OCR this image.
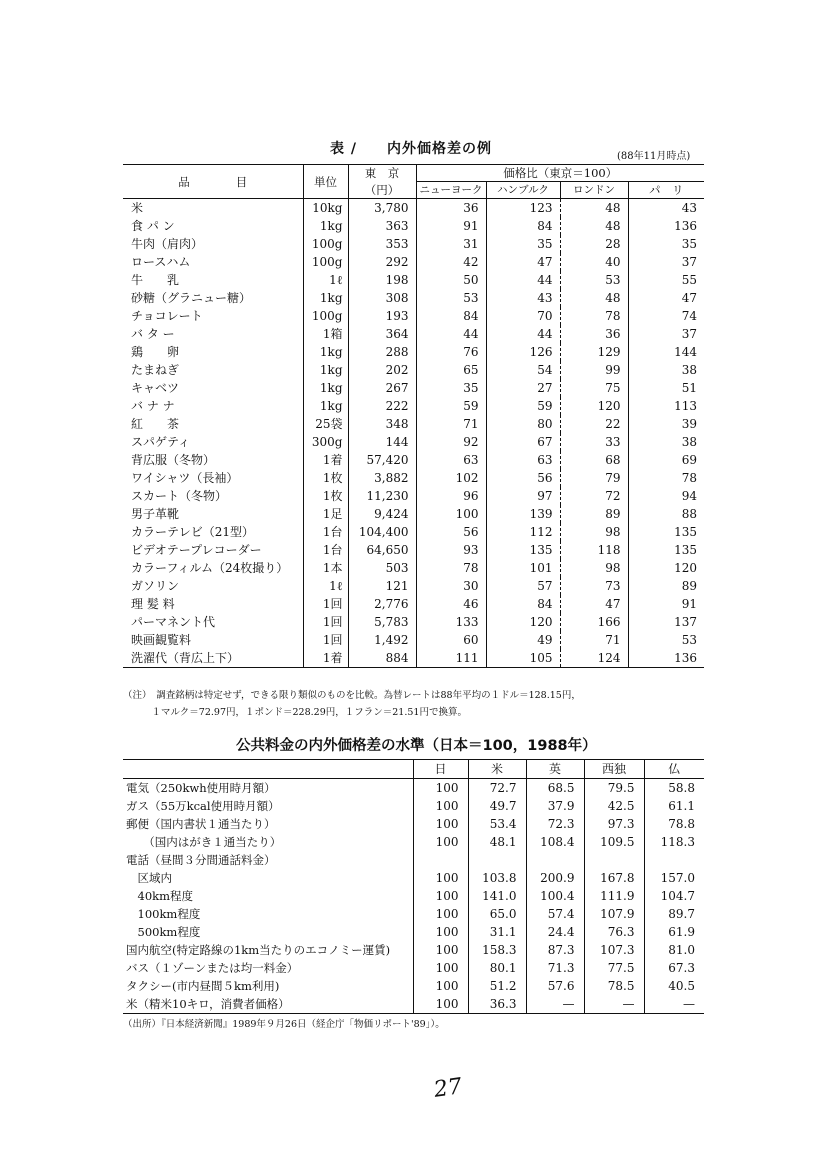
表 /　　内外価格差の例	(88年11月時点)
品　　　　目	単位	東　京	価格比（東京＝100）			
		（円）	ニューヨーク	ハンブルク	ロンドン	パ　リ
米	10kg	3,780	36	123	48	43
食 パ ン	1kg	363	91	84	48	136
牛肉（肩肉）	100g	353	31	35	28	35
ロースハム	100g	292	42	47	40	37
牛　　乳	1ℓ	198	50	44	53	55
砂糖（グラニュー糖）	1kg	308	53	43	48	47
チョコレート	100g	193	84	70	78	74
バ タ ー	1箱	364	44	44	36	37
鶏　　卵	1kg	288	76	126	129	144
たまねぎ	1kg	202	65	54	99	38
キャベツ	1kg	267	35	27	75	51
バ ナ ナ	1kg	222	59	59	120	113
紅　　茶	25袋	348	71	80	22	39
スパゲティ	300g	144	92	67	33	38
背広服（冬物）	1着	57,420	63	63	68	69
ワイシャツ（長袖）	1枚	3,882	102	56	79	78
スカート（冬物）	1枚	11,230	96	97	72	94
男子革靴	1足	9,424	100	139	89	88
カラーテレビ（21型）	1台	104,400	56	112	98	135
ビデオテープレコーダー	1台	64,650	93	135	118	135
カラーフィルム（24枚撮り）	1本	503	78	101	98	120
ガソリン	1ℓ	121	30	57	73	89
理 髪 料	1回	2,776	46	84	47	91
パーマネント代	1回	5,783	133	120	166	137
映画観覧料	1回	1,492	60	49	71	53
洗濯代（背広上下）	1着	884	111	105	124	136
（注）　調査銘柄は特定せず，できる限り類似のものを比較。為替レートは88年平均の１ドル＝128.15円，
　　　１マルク＝72.97円，１ポンド＝228.29円，１フラン＝21.51円で換算。
公共料金の内外価格差の水準（日本＝100，1988年）
	日	米	英	西独	仏
電気（250kwh使用時月額）	100	72.7	68.5	79.5	58.8
ガス（55万kcal使用時月額）	100	49.7	37.9	42.5	61.1
郵便（国内書状１通当たり）	100	53.4	72.3	97.3	78.8
　　（国内はがき１通当たり）	100	48.1	108.4	109.5	118.3
電話（昼間３分間通話料金）					
　区域内	100	103.8	200.9	167.8	157.0
　40km程度	100	141.0	100.4	111.9	104.7
　100km程度	100	65.0	57.4	107.9	89.7
　500km程度	100	31.1	24.4	76.3	61.9
国内航空(特定路線の1km当たりのエコノミー運賃)	100	158.3	87.3	107.3	81.0
バス（１ゾーンまたは均一料金）	100	80.1	71.3	77.5	67.3
タクシー(市内昼間５km利用)	100	51.2	57.6	78.5	40.5
米（精米10キロ，消費者価格）	100	36.3	—	—	—
（出所）『日本経済新聞』1989年９月26日（経企庁「物価リポート'89」）。
27
